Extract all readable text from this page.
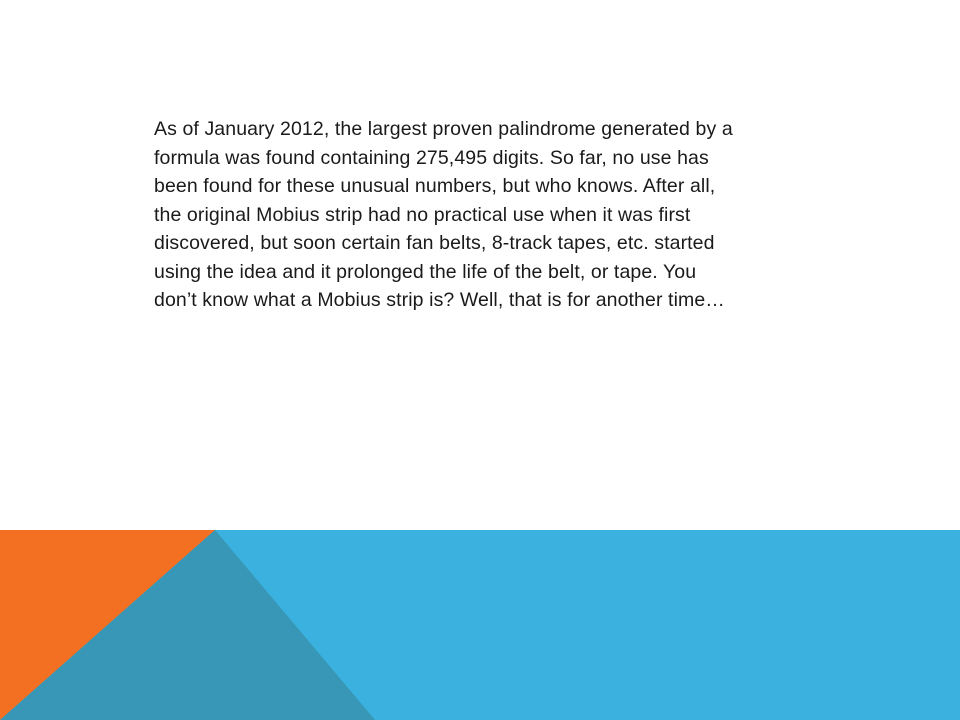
As of January 2012, the largest proven palindrome generated by a
formula was found containing 275,495 digits. So far, no use has
been found for these unusual numbers, but who knows. After all,
the original Mobius strip had no practical use when it was first
discovered, but soon certain fan belts, 8-track tapes, etc. started
using the idea and it prolonged the life of the belt, or tape. You
don’t know what a Mobius strip is? Well, that is for another time…
